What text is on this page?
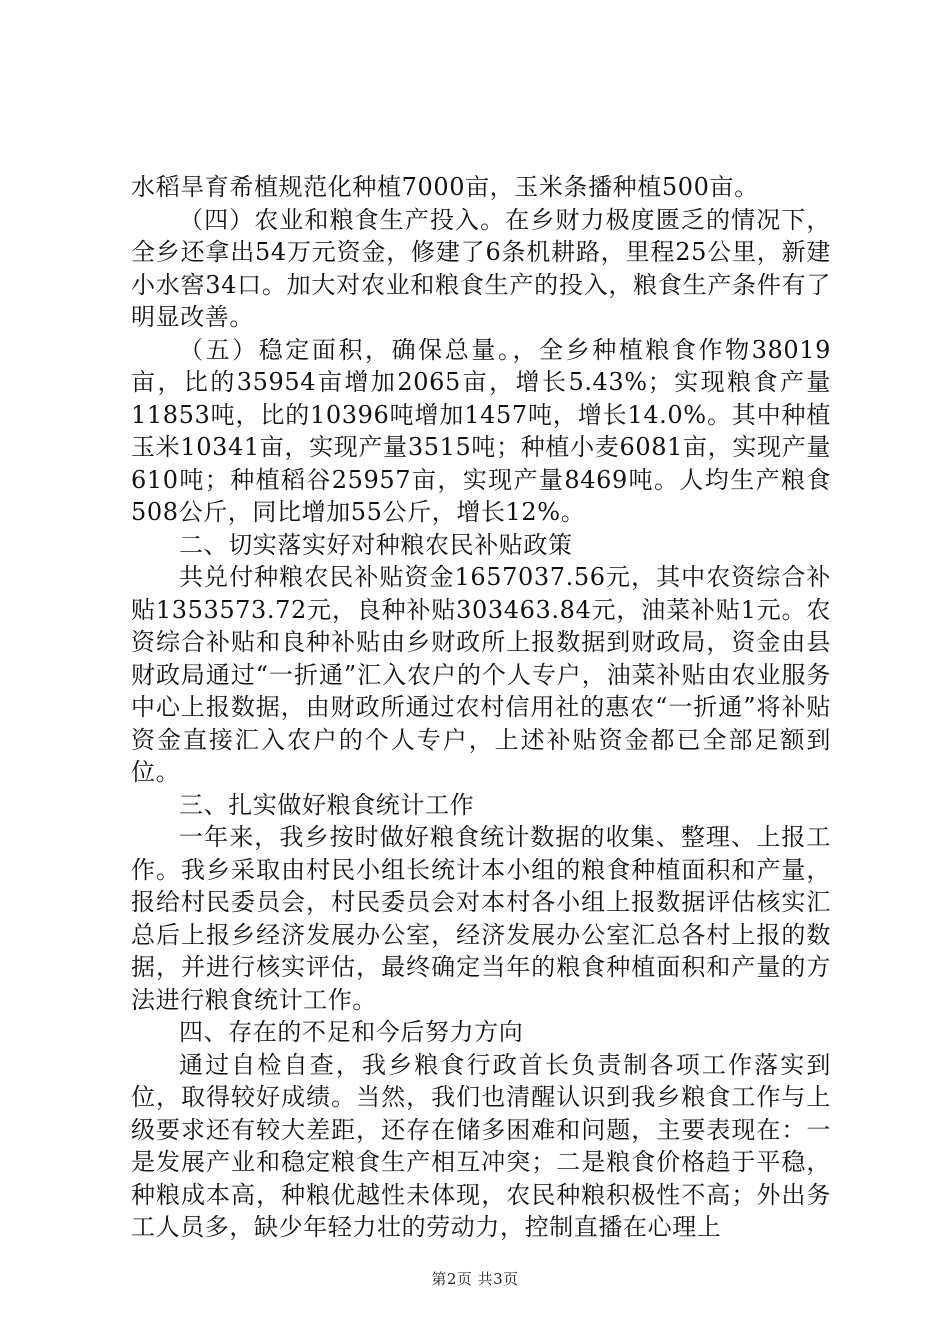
水稻旱育希植规范化种植7000亩，玉米条播种植500亩。

（四）农业和粮食生产投入。在乡财力极度匮乏的情况下，全乡还拿出54万元资金，修建了6条机耕路，里程25公里，新建小水窖34口。加大对农业和粮食生产的投入，粮食生产条件有了明显改善。

（五）稳定面积，确保总量。，全乡种植粮食作物38019亩，比的35954亩增加2065亩，增长5.43%；实现粮食产量11853吨，比的10396吨增加1457吨，增长14.0%。其中种植玉米10341亩，实现产量3515吨；种植小麦6081亩，实现产量610吨；种植稻谷25957亩，实现产量8469吨。人均生产粮食508公斤，同比增加55公斤，增长12%。

二、切实落实好对种粮农民补贴政策

共兑付种粮农民补贴资金1657037.56元，其中农资综合补贴1353573.72元，良种补贴303463.84元，油菜补贴1元。农资综合补贴和良种补贴由乡财政所上报数据到财政局，资金由县财政局通过“一折通”汇入农户的个人专户，油菜补贴由农业服务中心上报数据，由财政所通过农村信用社的惠农“一折通”将补贴资金直接汇入农户的个人专户，上述补贴资金都已全部足额到位。

三、扎实做好粮食统计工作

一年来，我乡按时做好粮食统计数据的收集、整理、上报工作。我乡采取由村民小组长统计本小组的粮食种植面积和产量，报给村民委员会，村民委员会对本村各小组上报数据评估核实汇总后上报乡经济发展办公室，经济发展办公室汇总各村上报的数据，并进行核实评估，最终确定当年的粮食种植面积和产量的方法进行粮食统计工作。

四、存在的不足和今后努力方向

通过自检自查，我乡粮食行政首长负责制各项工作落实到位，取得较好成绩。当然，我们也清醒认识到我乡粮食工作与上级要求还有较大差距，还存在储多困难和问题，主要表现在：一是发展产业和稳定粮食生产相互冲突；二是粮食价格趋于平稳，种粮成本高，种粮优越性未体现，农民种粮积极性不高；外出务工人员多，缺少年轻力壮的劳动力，控制直播在心理上

第2页 共3页
